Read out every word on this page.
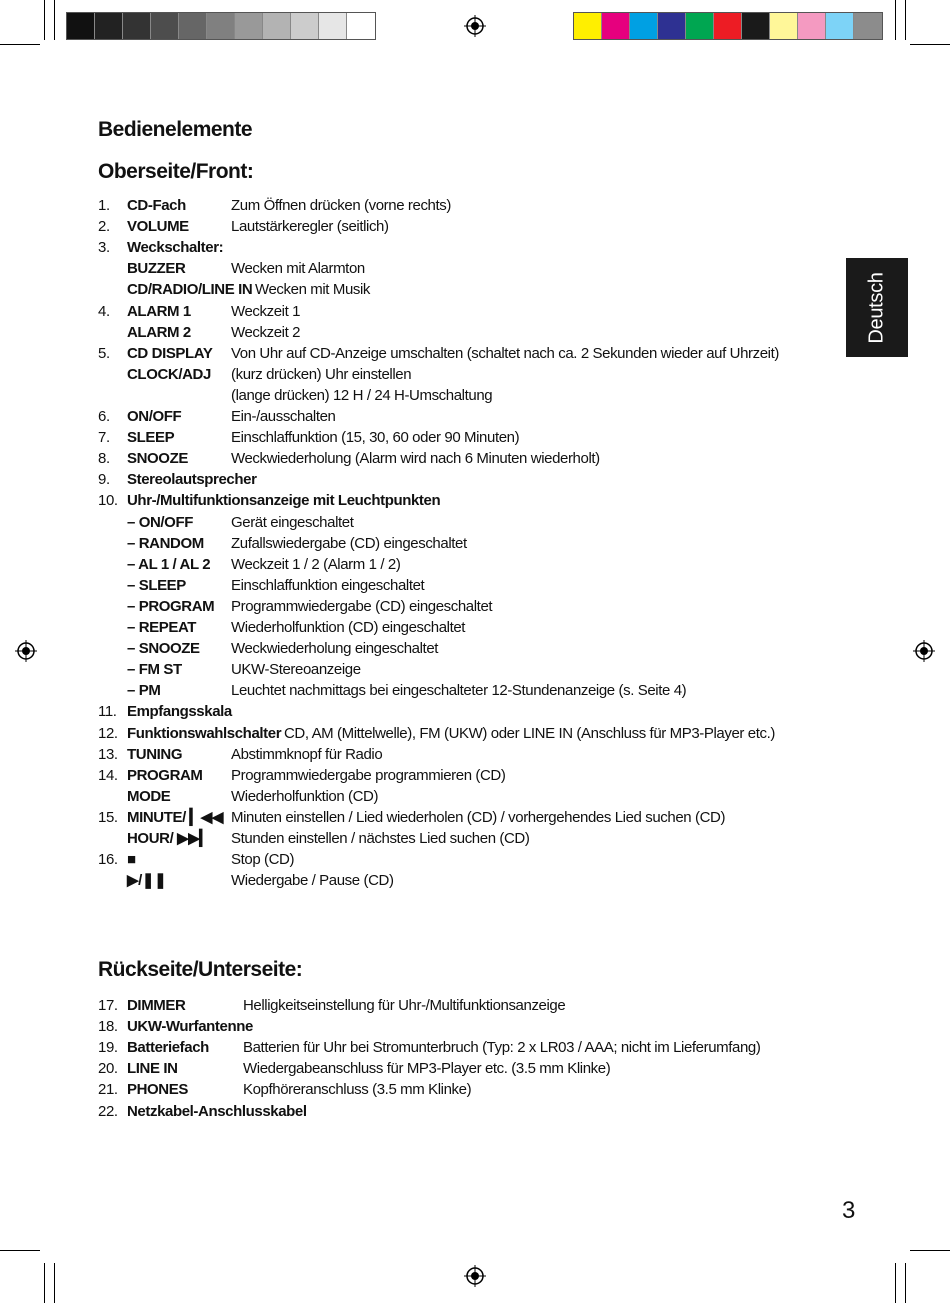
Bedienelemente
Oberseite/Front:
Rückseite/Unterseite:
1.	CD-Fach	Zum Öffnen drücken (vorne rechts)
2.	VOLUME	Lautstärkeregler (seitlich)
3.	Weckschalter:
BUZZER	Wecken mit Alarmton
CD/RADIO/LINE IN Wecken mit Musik
4.	ALARM 1	Weckzeit 1
ALARM 2	Weckzeit 2
5.	CD DISPLAY Von Uhr auf CD-Anzeige umschalten (schaltet nach ca. 2 Sekunden wieder auf Uhrzeit)
CLOCK/ADJ (kurz drücken) Uhr einstellen
(lange drücken) 12 H / 24 H-Umschaltung
6.	ON/OFF	Ein-/ausschalten
7.	SLEEP	Einschlaffunktion (15, 30, 60 oder 90 Minuten)
8.	SNOOZE	Weckwiederholung (Alarm wird nach 6 Minuten wiederholt)
9.	Stereolautsprecher
10. Uhr-/Multifunktionsanzeige mit Leuchtpunkten
– ON/OFF	Gerät eingeschaltet
– RANDOM Zufallswiedergabe (CD) eingeschaltet
– AL 1 / AL 2 Weckzeit 1 / 2 (Alarm 1 / 2)
– SLEEP	Einschlaffunktion eingeschaltet
– PROGRAM Programmwiedergabe (CD) eingeschaltet
– REPEAT Wiederholfunktion (CD) eingeschaltet
– SNOOZE Weckwiederholung eingeschaltet
– FM ST	UKW-Stereoanzeige
– PM	Leuchtet nachmittags bei eingeschalteter 12-Stundenanzeige (s. Seite 4)
11. Empfangsskala
12. Funktionswahlschalter CD, AM (Mittelwelle), FM (UKW) oder LINE IN (Anschluss für MP3-Player etc.)
13. TUNING	Abstimmknopf für Radio
14. PROGRAM Programmwiedergabe programmieren (CD)
MODE	Wiederholfunktion (CD)
15. MINUTE/ ▎◀◀ Minuten einstellen / Lied wiederholen (CD) / vorhergehendes Lied suchen (CD)
HOUR/ ▶▶▎ Stunden einstellen / nächstes Lied suchen (CD)
16. ■	Stop (CD)
▶/❚❚	Wiedergabe / Pause (CD)
17. DIMMER	Helligkeitseinstellung für Uhr-/Multifunktionsanzeige
18. UKW-Wurfantenne
19. Batteriefach Batterien für Uhr bei Stromunterbruch (Typ: 2 x LR03 / AAA; nicht im Lieferumfang)
20. LINE IN	Wiedergabeanschluss für MP3-Player etc. (3.5 mm Klinke)
21. PHONES	Kopfhöreranschluss (3.5 mm Klinke)
22. Netzkabel-Anschlusskabel
Deutsch
3
